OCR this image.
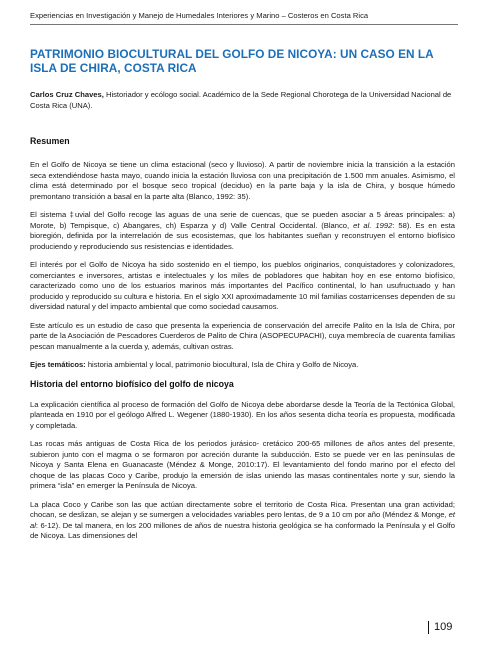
Experiencias en Investigación y Manejo de Humedales Interiores y Marino – Costeros en Costa Rica
PATRIMONIO BIOCULTURAL DEL GOLFO DE NICOYA: UN CASO EN LA ISLA DE CHIRA, COSTA RICA
Carlos Cruz Chaves, Historiador y ecólogo social. Académico de la Sede Regional Chorotega de la Universidad Nacional de Costa Rica (UNA).
Resumen

En el Golfo de Nicoya se tiene un clima estacional (seco y lluvioso). A partir de noviembre inicia la transición a la estación seca extendiéndose hasta mayo, cuando inicia la estación lluviosa con una precipitación de 1.500 mm anuales. Asimismo, el clima está determinado por el bosque seco tropical (deciduo) en la parte baja y la isla de Chira, y bosque húmedo premontano transición a basal en la parte alta (Blanco, 1992: 35).

El sistema ‡uvial del Golfo recoge las aguas de una serie de cuencas, que se pueden asociar a 5 áreas principales: a) Morote, b) Tempisque, c) Abangares, ch) Esparza y d) Valle Central Occidental. (Blanco, et al. 1992: 58). Es en esta bioregión, definida por la interrelación de sus ecosistemas, que los habitantes sueñan y reconstruyen el entorno biofísico produciendo y reproduciendo sus resistencias e identidades.

El interés por el Golfo de Nicoya ha sido sostenido en el tiempo, los pueblos originarios, conquistadores y colonizadores, comerciantes e inversores, artistas e intelectuales y los miles de pobladores que habitan hoy en ese entorno biofísico, caracterizado como uno de los estuarios marinos más importantes del Pacífico continental, lo han usufructuado y han producido y reproducido su cultura e historia. En el siglo XXI aproximadamente 10 mil familias costarricenses dependen de su diversidad natural y del impacto ambiental que como sociedad causamos.

Este artículo es un estudio de caso que presenta la experiencia de conservación del arrecife Palito en la Isla de Chira, por parte de la Asociación de Pescadores Cuerderos de Palito de Chira (ASOPECUPACHI), cuya membrecía de cuarenta familias pescan manualmente a la cuerda y, además, cultivan ostras.

Ejes temáticos: historia ambiental y local, patrimonio biocultural, Isla de Chira y Golfo de Nicoya.

Historia del entorno biofísico del golfo de nicoya

La explicación científica al proceso de formación del Golfo de Nicoya debe abordarse desde la Teoría de la Tectónica Global, planteada en 1910 por el geólogo Alfred L. Wegener (1880-1930). En los años sesenta dicha teoría es propuesta, modificada y completada.

Las rocas más antiguas de Costa Rica de los periodos jurásico- cretácico 200-65 millones de años antes del presente, subieron junto con el magma o se formaron por acreción durante la subducción. Esto se puede ver en las penínsulas de Nicoya y Santa Elena en Guanacaste (Méndez & Monge, 2010:17). El levantamiento del fondo marino por el efecto del choque de las placas Coco y Caribe, produjo la emersión de islas uniendo las masas continentales norte y sur, siendo la primera “isla” en emerger la Península de Nicoya.

La placa Coco y Caribe son las que actúan directamente sobre el territorio de Costa Rica. Presentan una gran actividad; chocan, se deslizan, se alejan y se sumergen a velocidades variables pero lentas, de 9 a 10 cm por año (Méndez & Monge, et al: 6-12). De tal manera, en los 200 millones de años de nuestra historia geológica se ha conformado la Península y el Golfo de Nicoya. Las dimensiones del

109
